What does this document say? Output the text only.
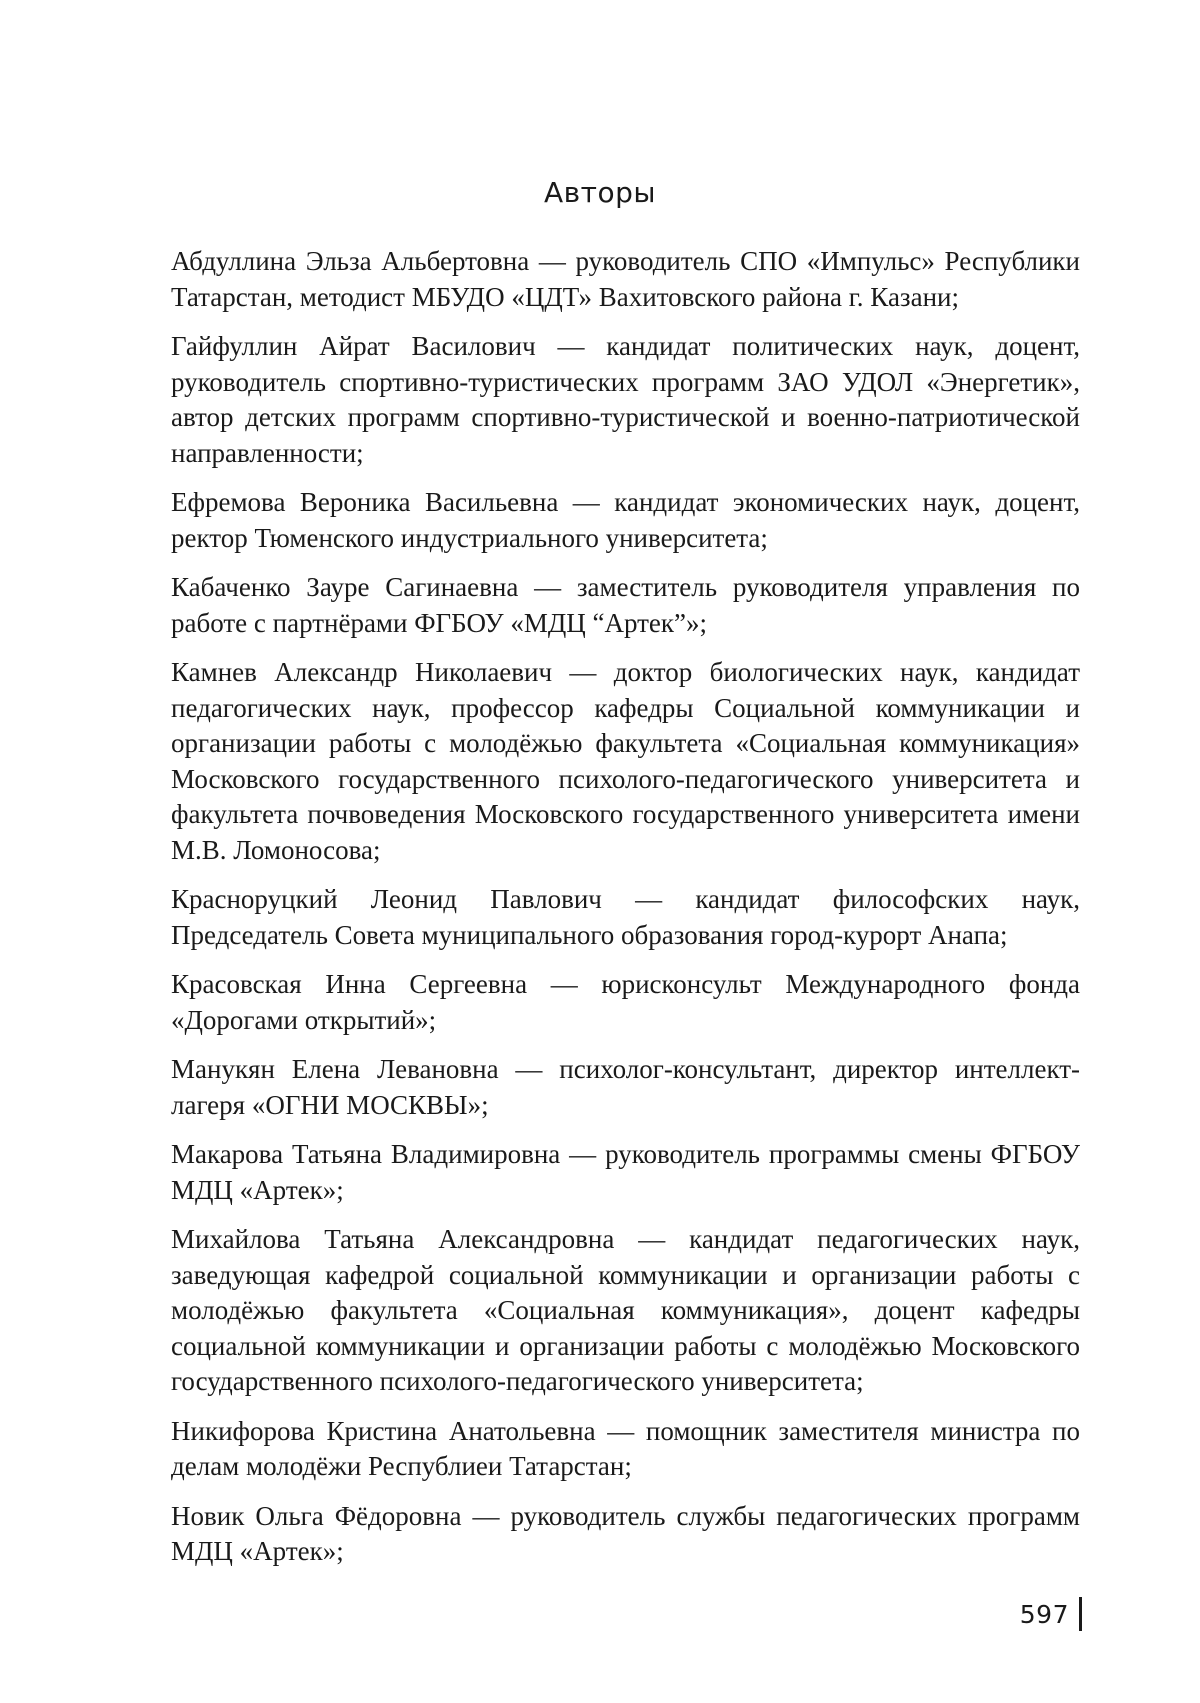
Авторы
Абдуллина Эльза Альбертовна — руководитель СПО «Импульс» Республики Татарстан, методист МБУДО «ЦДТ» Вахитовского района г. Казани;
Гайфуллин Айрат Василович — кандидат политических наук, доцент, руководитель спортивно-туристических программ ЗАО УДОЛ «Энергетик», автор детских программ спортивно-туристической и военно-патриотической направленности;
Ефремова Вероника Васильевна — кандидат экономических наук, доцент, ректор Тюменского индустриального университета;
Кабаченко Зауре Сагинаевна — заместитель руководителя управления по работе с партнёрами ФГБОУ «МДЦ “Артек”»;
Камнев Александр Николаевич — доктор биологических наук, кандидат педагогических наук, профессор кафедры Социальной коммуникации и организации работы с молодёжью факультета «Социальная коммуникация» Московского государственного психолого-педагогического университета и факультета почвоведения Московского государственного университета имени М.В. Ломоносова;
Красноруцкий Леонид Павлович — кандидат философских наук, Председатель Совета муниципального образования город-курорт Анапа;
Красовская Инна Сергеевна — юрисконсульт Международного фонда «Дорогами открытий»;
Манукян Елена Левановна — психолог-консультант, директор интеллект-лагеря «ОГНИ МОСКВЫ»;
Макарова Татьяна Владимировна — руководитель программы смены ФГБОУ МДЦ «Артек»;
Михайлова Татьяна Александровна — кандидат педагогических наук, заведующая кафедрой социальной коммуникации и организации работы с молодёжью факультета «Социальная коммуникация», доцент кафедры социальной коммуникации и организации работы с молодёжью Московского государственного психолого-педагогического университета;
Никифорова Кристина Анатольевна — помощник заместителя министра по делам молодёжи Республиеи Татарстан;
Новик Ольга Фёдоровна — руководитель службы педагогических программ МДЦ «Артек»;
597
